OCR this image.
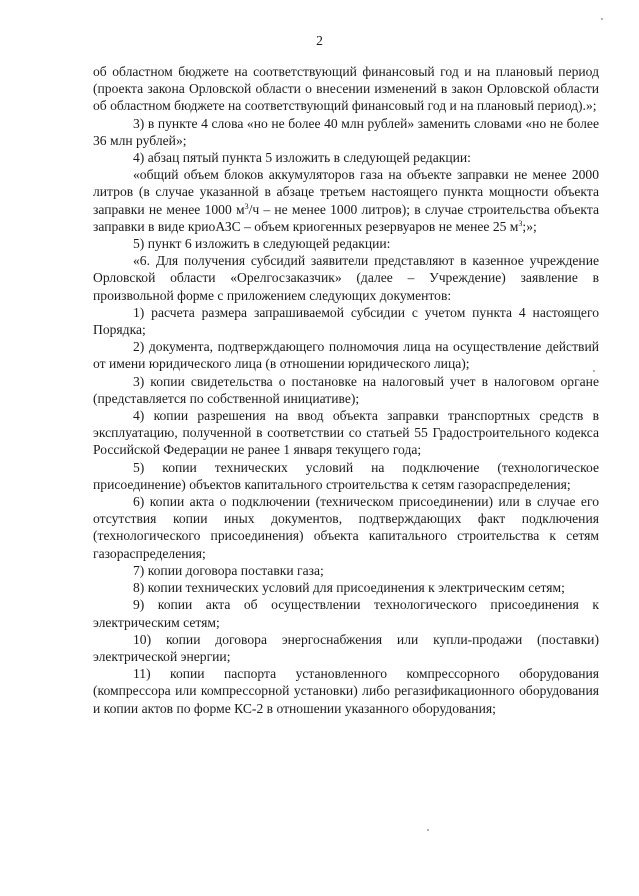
2

об областном бюджете на соответствующий финансовый год и на плановый период (проекта закона Орловской области о внесении изменений в закон Орловской области об областном бюджете на соответствующий финансовый год и на плановый период).»;

3) в пункте 4 слова «но не более 40 млн рублей» заменить словами «но не более 36 млн рублей»;

4) абзац пятый пункта 5 изложить в следующей редакции:

«общий объем блоков аккумуляторов газа на объекте заправки не менее 2000 литров (в случае указанной в абзаце третьем настоящего пункта мощности объекта заправки не менее 1000 $м^3/ч$ – не менее 1000 литров); в случае строительства объекта заправки в виде криоАЗС – объем криогенных резервуаров не менее 25 $м^3$;»;

5) пункт 6 изложить в следующей редакции:

«6. Для получения субсидий заявители представляют в казенное учреждение Орловской области «Орелгосзаказчик» (далее – Учреждение) заявление в произвольной форме с приложением следующих документов:

1) расчета размера запрашиваемой субсидии с учетом пункта 4 настоящего Порядка;

2) документа, подтверждающего полномочия лица на осуществление действий от имени юридического лица (в отношении юридического лица);

3) копии свидетельства о постановке на налоговый учет в налоговом органе (представляется по собственной инициативе);

4) копии разрешения на ввод объекта заправки транспортных средств в эксплуатацию, полученной в соответствии со статьей 55 Градостроительного кодекса Российской Федерации не ранее 1 января текущего года;

5) копии технических условий на подключение (технологическое присоединение) объектов капитального строительства к сетям газораспределения;

6) копии акта о подключении (техническом присоединении) или в случае его отсутствия копии иных документов, подтверждающих факт подключения (технологического присоединения) объекта капитального строительства к сетям газораспределения;

7) копии договора поставки газа;

8) копии технических условий для присоединения к электрическим сетям;

9) копии акта об осуществлении технологического присоединения к электрическим сетям;

10) копии договора энергоснабжения или купли-продажи (поставки) электрической энергии;

11) копии паспорта установленного компрессорного оборудования (компрессора или компрессорной установки) либо регазификационного оборудования и копии актов по форме КС-2 в отношении указанного оборудования;
